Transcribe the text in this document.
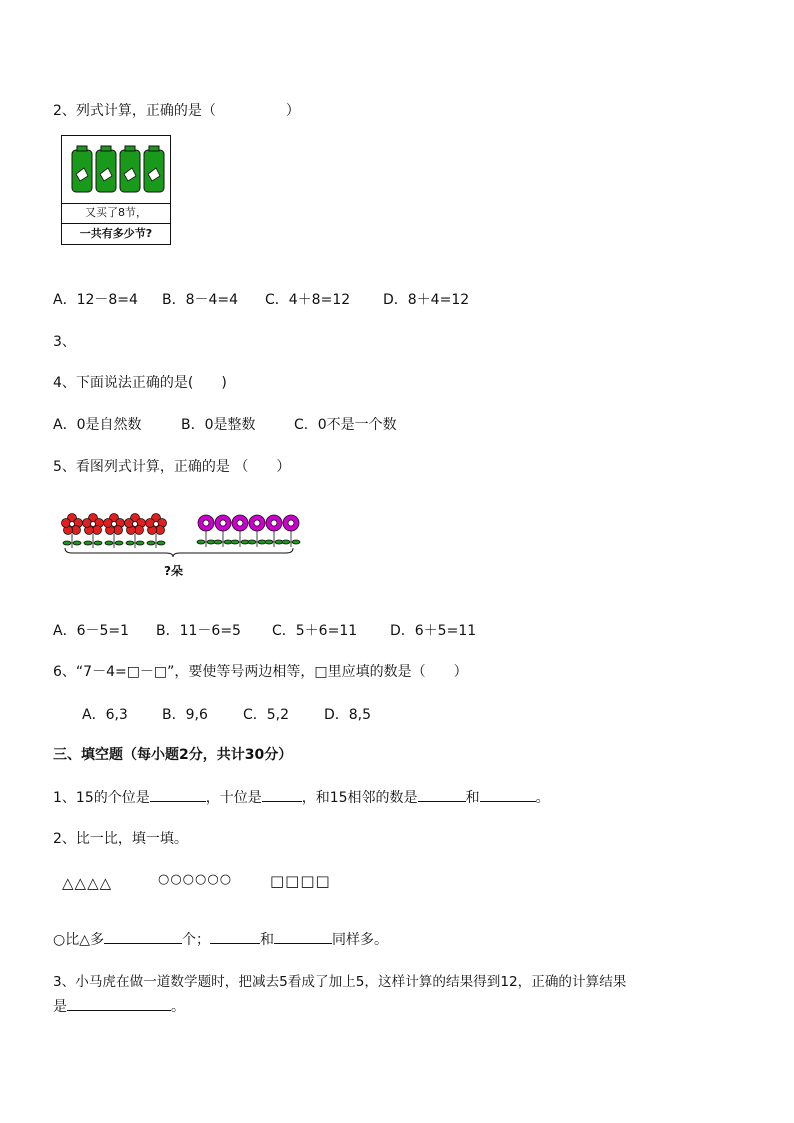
2、列式计算，正确的是（　　　　　）
又买了8节，
一共有多少节?
A．12－8=4 B．8－4=4 C．4＋8=12 D．8＋4=12
3、
4、下面说法正确的是(　　)
A．0是自然数	B．0是整数	C．0不是一个数
5、看图列式计算，正确的是 （　　）
?朵
A．6－5=1 B．11－6=5 C．5＋6=11 D．6＋5=11
6、“7－4=□－□”，要使等号两边相等，□里应填的数是（　　）
A．6,3 B．9,6	C．5,2 D．8,5
三、填空题（每小题2分，共计30分）
1、15的个位是	，十位是	，和15相邻的数是	和	。
2、比一比，填一填。
△△△△	○○○○○○	□□□□
○比△多	个；	和	同样多。
3、小马虎在做一道数学题时，把减去5看成了加上5，这样计算的结果得到12，正确的计算结果
是	。
